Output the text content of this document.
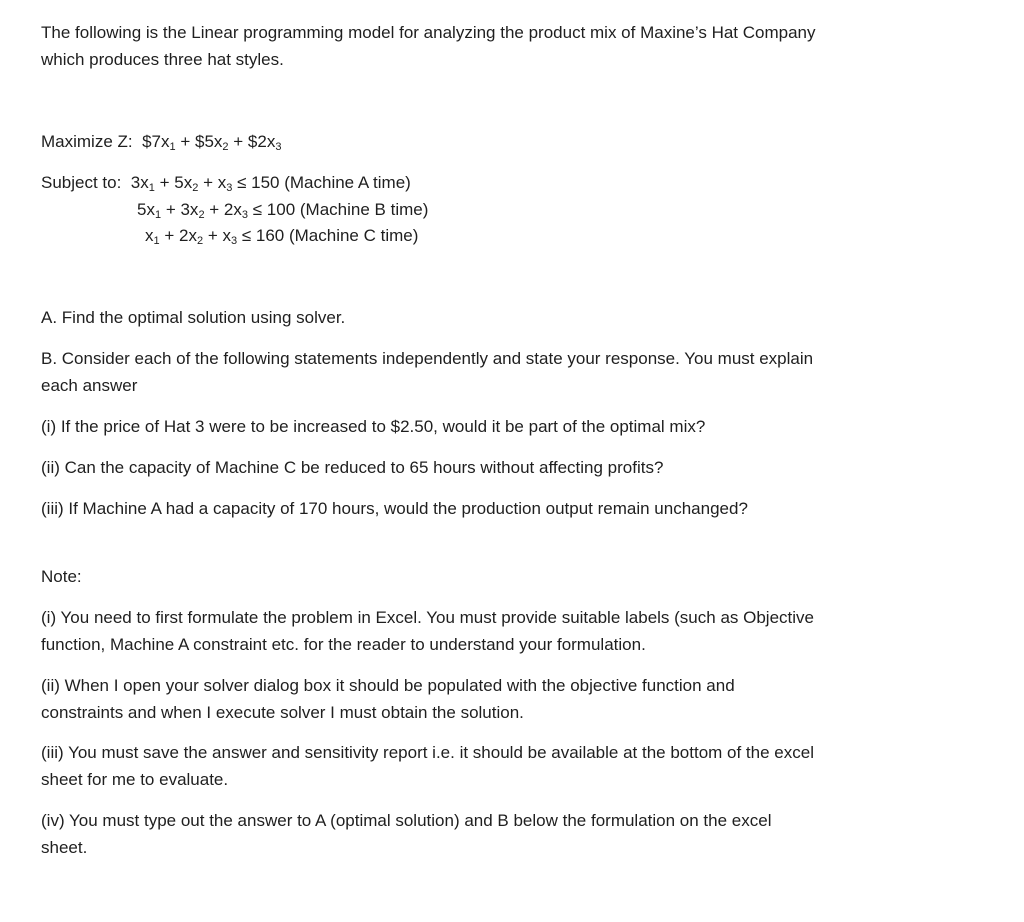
The following is the Linear programming model for analyzing the product mix of Maxine’s Hat Company
which produces three hat styles.
Maximize Z: $\$7x_1$ + $\$5x_2$ + $\$2x_3$
Subject to: $3x_1 + 5x_2 + x_3 \le 150$ (Machine A time)
$5x_1 + 3x_2 + 2x_3 \le 100$ (Machine B time)
$x_1 + 2x_2 + x_3 \le 160$ (Machine C time)
A. Find the optimal solution using solver.
B. Consider each of the following statements independently and state your response. You must explain
each answer
(i) If the price of Hat 3 were to be increased to $2.50, would it be part of the optimal mix?
(ii) Can the capacity of Machine C be reduced to 65 hours without affecting profits?
(iii) If Machine A had a capacity of 170 hours, would the production output remain unchanged?
Note:
(i) You need to first formulate the problem in Excel. You must provide suitable labels (such as Objective
function, Machine A constraint etc. for the reader to understand your formulation.
(ii) When I open your solver dialog box it should be populated with the objective function and
constraints and when I execute solver I must obtain the solution.
(iii) You must save the answer and sensitivity report i.e. it should be available at the bottom of the excel
sheet for me to evaluate.
(iv) You must type out the answer to A (optimal solution) and B below the formulation on the excel
sheet.
